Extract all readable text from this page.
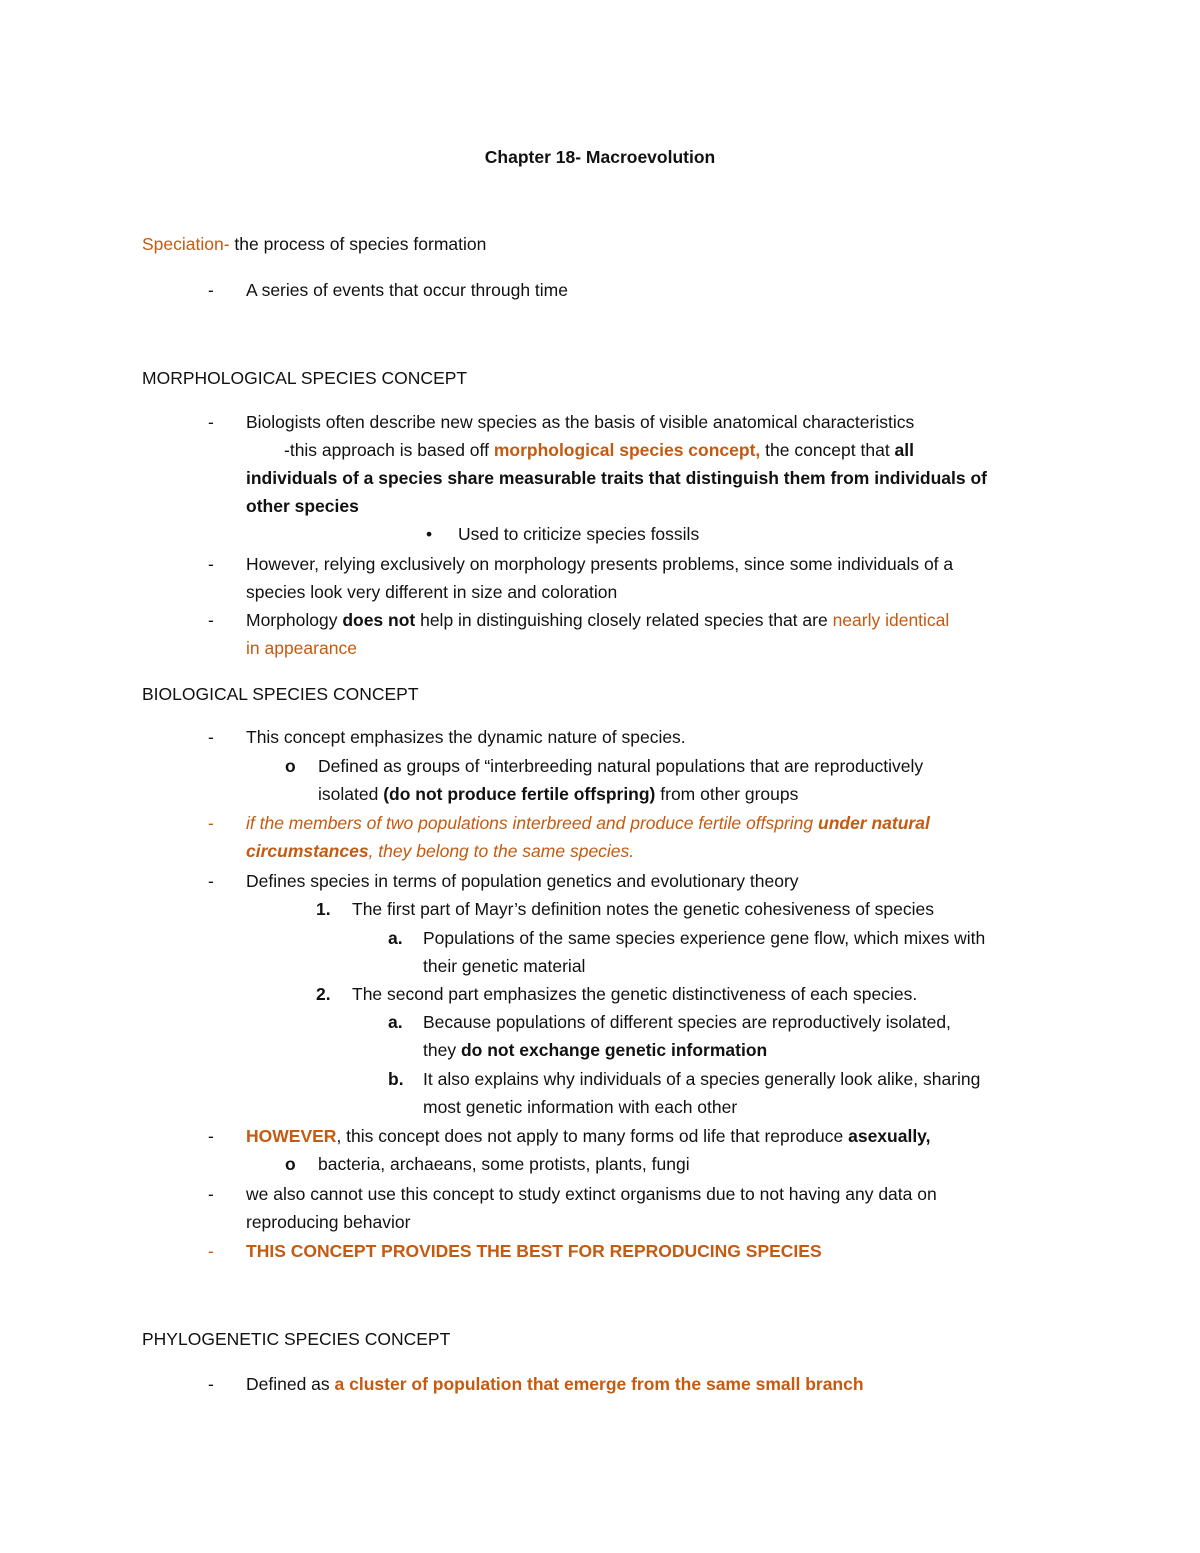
Chapter 18- Macroevolution
Speciation- the process of species formation
- A series of events that occur through time
MORPHOLOGICAL SPECIES CONCEPT
- Biologists often describe new species as the basis of visible anatomical characteristics
-this approach is based off morphological species concept, the concept that all
individuals of a species share measurable traits that distinguish them from individuals of
other species
• Used to criticize species fossils
- However, relying exclusively on morphology presents problems, since some individuals of a
species look very different in size and coloration
- Morphology does not help in distinguishing closely related species that are nearly identical
in appearance
BIOLOGICAL SPECIES CONCEPT
- This concept emphasizes the dynamic nature of species.
o Defined as groups of “interbreeding natural populations that are reproductively
isolated (do not produce fertile offspring) from other groups
- if the members of two populations interbreed and produce fertile offspring under natural
circumstances, they belong to the same species.
- Defines species in terms of population genetics and evolutionary theory
1. The first part of Mayr’s definition notes the genetic cohesiveness of species
a. Populations of the same species experience gene flow, which mixes with
their genetic material
2. The second part emphasizes the genetic distinctiveness of each species.
a. Because populations of different species are reproductively isolated,
they do not exchange genetic information
b. It also explains why individuals of a species generally look alike, sharing
most genetic information with each other
- HOWEVER, this concept does not apply to many forms od life that reproduce asexually,
o bacteria, archaeans, some protists, plants, fungi
- we also cannot use this concept to study extinct organisms due to not having any data on
reproducing behavior
- THIS CONCEPT PROVIDES THE BEST FOR REPRODUCING SPECIES
PHYLOGENETIC SPECIES CONCEPT
- Defined as a cluster of population that emerge from the same small branch
